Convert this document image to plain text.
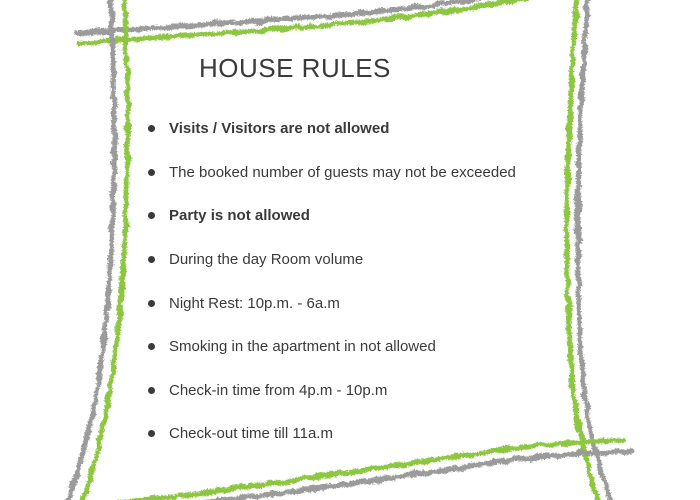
HOUSE RULES
Visits / Visitors are not allowed
The booked number of guests may not be exceeded
Party is not allowed
During the day Room volume
Night Rest: 10p.m. - 6a.m
Smoking in the apartment in not allowed
Check-in time from 4p.m - 10p.m
Check-out time till 11a.m
